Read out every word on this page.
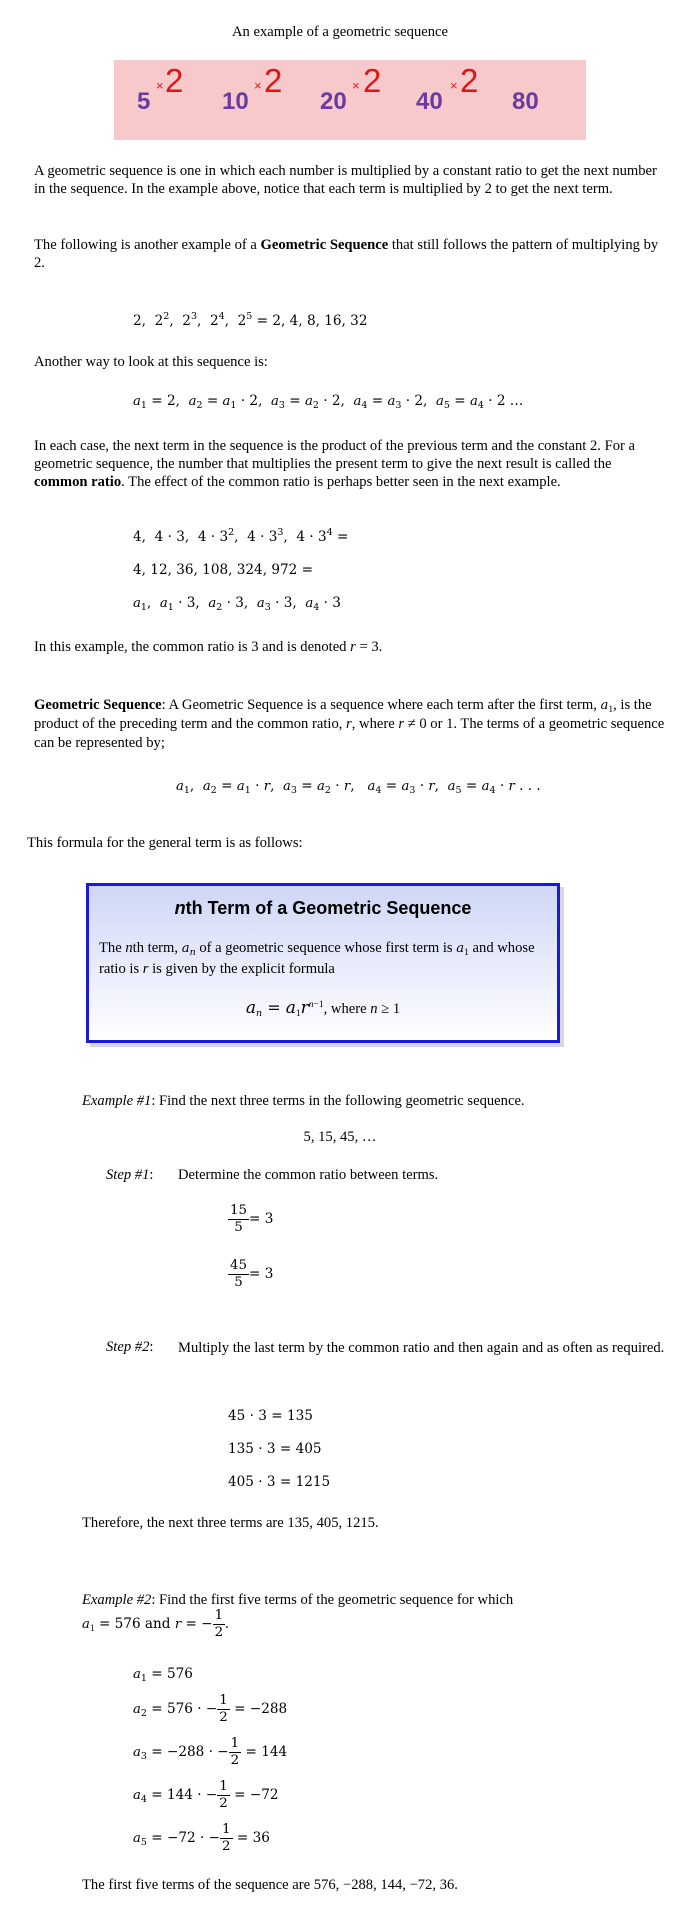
An example of a geometric sequence
5
× 2
10
× 2
20
× 2
40
× 2
80

A geometric sequence is one in which each number is multiplied by a constant ratio to get the next number in the sequence. In the example above, notice that each term is multiplied by 2 to get the next term.

The following is another example of a Geometric Sequence that still follows the pattern of multiplying by 2.

2,  $2^2$,  $2^3$,  $2^4$,  $2^5 = 2$, 4, 8, 16, 32
Another way to look at this sequence is:
$a_1 = 2$,  $a_2 = a_1 \cdot 2$,  $a_3 = a_2 \cdot 2$,  $a_4 = a_3 \cdot 2$,  $a_5 = a_4 \cdot 2$ …

In each case, the next term in the sequence is the product of the previous term and the constant 2. For a geometric sequence, the number that multiplies the present term to give the next result is called the common ratio. The effect of the common ratio is perhaps better seen in the next example.

4,  4 · 3,  $4 \cdot 3^2$,  $4 \cdot 3^3$,  $4 \cdot 3^4$ =
4, 12, 36, 108, 324, 972 =
$a_1$,  $a_1 \cdot 3$,  $a_2 \cdot 3$,  $a_3 \cdot 3$,  $a_4 \cdot 3$
In this example, the common ratio is 3 and is denoted r = 3.

Geometric Sequence: A Geometric Sequence is a sequence where each term after the first term, $a_1$, is the product of the preceding term and the common ratio, r, where r ≠ 0 or 1. The terms of a geometric sequence can be represented by;

$a_1$,  $a_2 = a_1 \cdot r$,  $a_3 = a_2 \cdot r$,   $a_4 = a_3 \cdot r$,  $a_5 = a_4 \cdot r$ . . .
This formula for the general term is as follows:
nth Term of a Geometric Sequence
The nth term, $a_n$ of a geometric sequence whose first term is $a_1$ and whose ratio is r is given by the explicit formula
$a_n = a_1r^{n-1}$, where n ≥ 1
Example #1: Find the next three terms in the following geometric sequence.
5, 15, 45, …
Step #1: Determine the common ratio between terms.
$\frac{15}{5} = 3$
$\frac{45}{5} = 3$
Step #2: Multiply the last term by the common ratio and then again and as often as required.
45 · 3 = 135
135 · 3 = 405
405 · 3 = 1215
Therefore, the next three terms are 135, 405, 1215.
Example #2: Find the first five terms of the geometric sequence for which
$a_1 = 576$ and r = − $\frac{1}{2}$ .
$a_1 = 576$
$a_2 = 576$ · − $\frac{1}{2} = -288$
$a_3 = -288$ · − $\frac{1}{2} = 144$
$a_4 = 144$ · − $\frac{1}{2} = -72$
$a_5 = -72$ · − $\frac{1}{2} = 36$
The first five terms of the sequence are 576, −288, 144, −72, 36.
